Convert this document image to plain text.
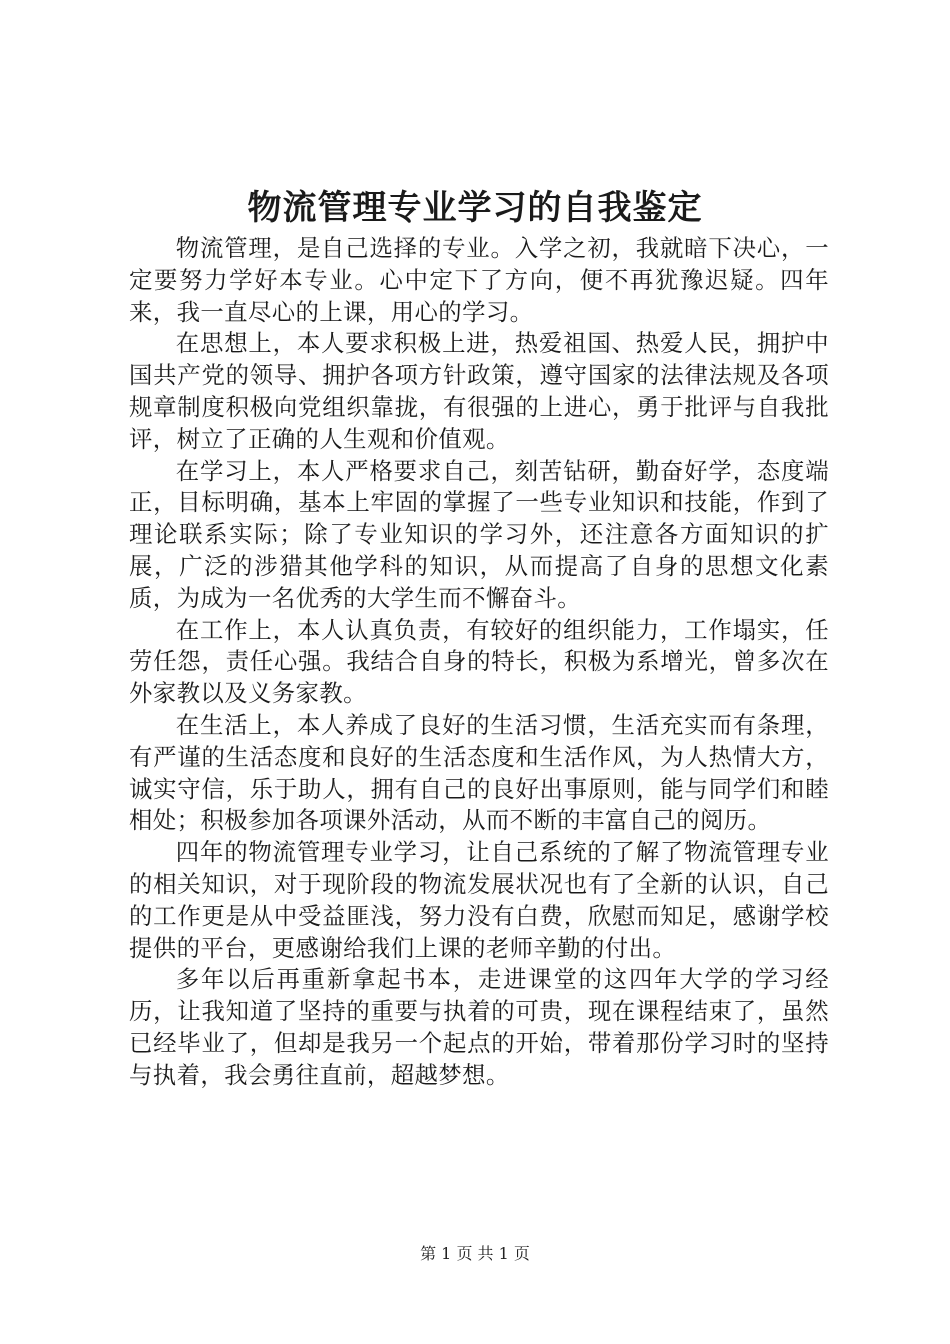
物流管理专业学习的自我鉴定

物流管理，是自己选择的专业。入学之初，我就暗下决心，一定要努力学好本专业。心中定下了方向，便不再犹豫迟疑。四年来，我一直尽心的上课，用心的学习。

在思想上，本人要求积极上进，热爱祖国、热爱人民，拥护中国共产党的领导、拥护各项方针政策，遵守国家的法律法规及各项规章制度积极向党组织靠拢，有很强的上进心，勇于批评与自我批评，树立了正确的人生观和价值观。

在学习上，本人严格要求自己，刻苦钻研，勤奋好学，态度端正，目标明确，基本上牢固的掌握了一些专业知识和技能，作到了理论联系实际；除了专业知识的学习外，还注意各方面知识的扩展，广泛的涉猎其他学科的知识，从而提高了自身的思想文化素质，为成为一名优秀的大学生而不懈奋斗。

在工作上，本人认真负责，有较好的组织能力，工作塌实，任劳任怨，责任心强。我结合自身的特长，积极为系增光，曾多次在外家教以及义务家教。

在生活上，本人养成了良好的生活习惯，生活充实而有条理，有严谨的生活态度和良好的生活态度和生活作风，为人热情大方，诚实守信，乐于助人，拥有自己的良好出事原则，能与同学们和睦相处；积极参加各项课外活动，从而不断的丰富自己的阅历。

四年的物流管理专业学习，让自己系统的了解了物流管理专业的相关知识，对于现阶段的物流发展状况也有了全新的认识，自己的工作更是从中受益匪浅，努力没有白费，欣慰而知足，感谢学校提供的平台，更感谢给我们上课的老师辛勤的付出。

多年以后再重新拿起书本，走进课堂的这四年大学的学习经历，让我知道了坚持的重要与执着的可贵，现在课程结束了，虽然已经毕业了，但却是我另一个起点的开始，带着那份学习时的坚持与执着，我会勇往直前，超越梦想。

第 1 页 共 1 页
